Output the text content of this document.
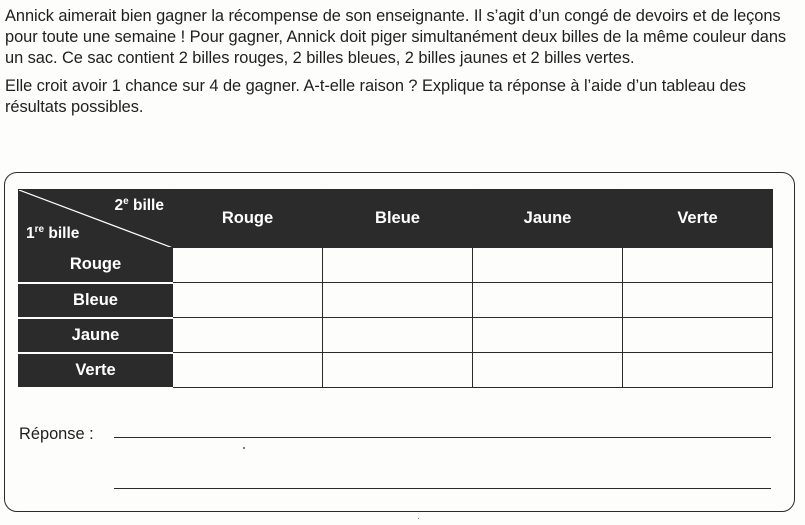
Annick aimerait bien gagner la récompense de son enseignante. Il s’agit d’un congé de devoirs et de leçons pour toute une semaine ! Pour gagner, Annick doit piger simultanément deux billes de la même couleur dans un sac. Ce sac contient 2 billes rouges, 2 billes bleues, 2 billes jaunes et 2 billes vertes.

Elle croit avoir 1 chance sur 4 de gagner. A-t-elle raison ? Explique ta réponse à l’aide d’un tableau des résultats possibles.

2e bille
1re bille	Rouge	Bleue	Jaune	Verte
Rouge				
Bleue				
Jaune				
Verte				
Réponse :
